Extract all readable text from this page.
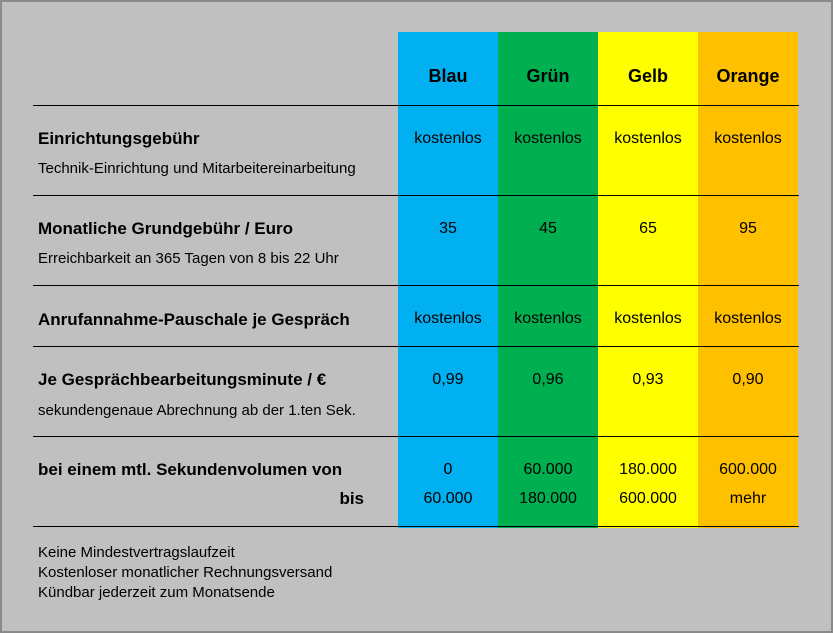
Blau	Grün	Gelb	Orange
Einrichtungsgebühr
Technik-Einrichtung und Mitarbeitereinarbeitung
kostenlos	kostenlos	kostenlos	kostenlos
Monatliche Grundgebühr / Euro
Erreichbarkeit an 365 Tagen von 8 bis 22 Uhr
35	45	65	95
Anrufannahme-Pauschale je Gespräch	kostenlos	kostenlos	kostenlos	kostenlos
Je Gesprächbearbeitungsminute / €
sekundengenaue Abrechnung ab der 1.ten Sek.
0,99	0,96	0,93	0,90
bei einem mtl. Sekundenvolumen von
bis
0	60.000	180.000	600.000
60.000	180.000	600.000	mehr
Keine Mindestvertragslaufzeit
Kostenloser monatlicher Rechnungsversand
Kündbar jederzeit zum Monatsende
